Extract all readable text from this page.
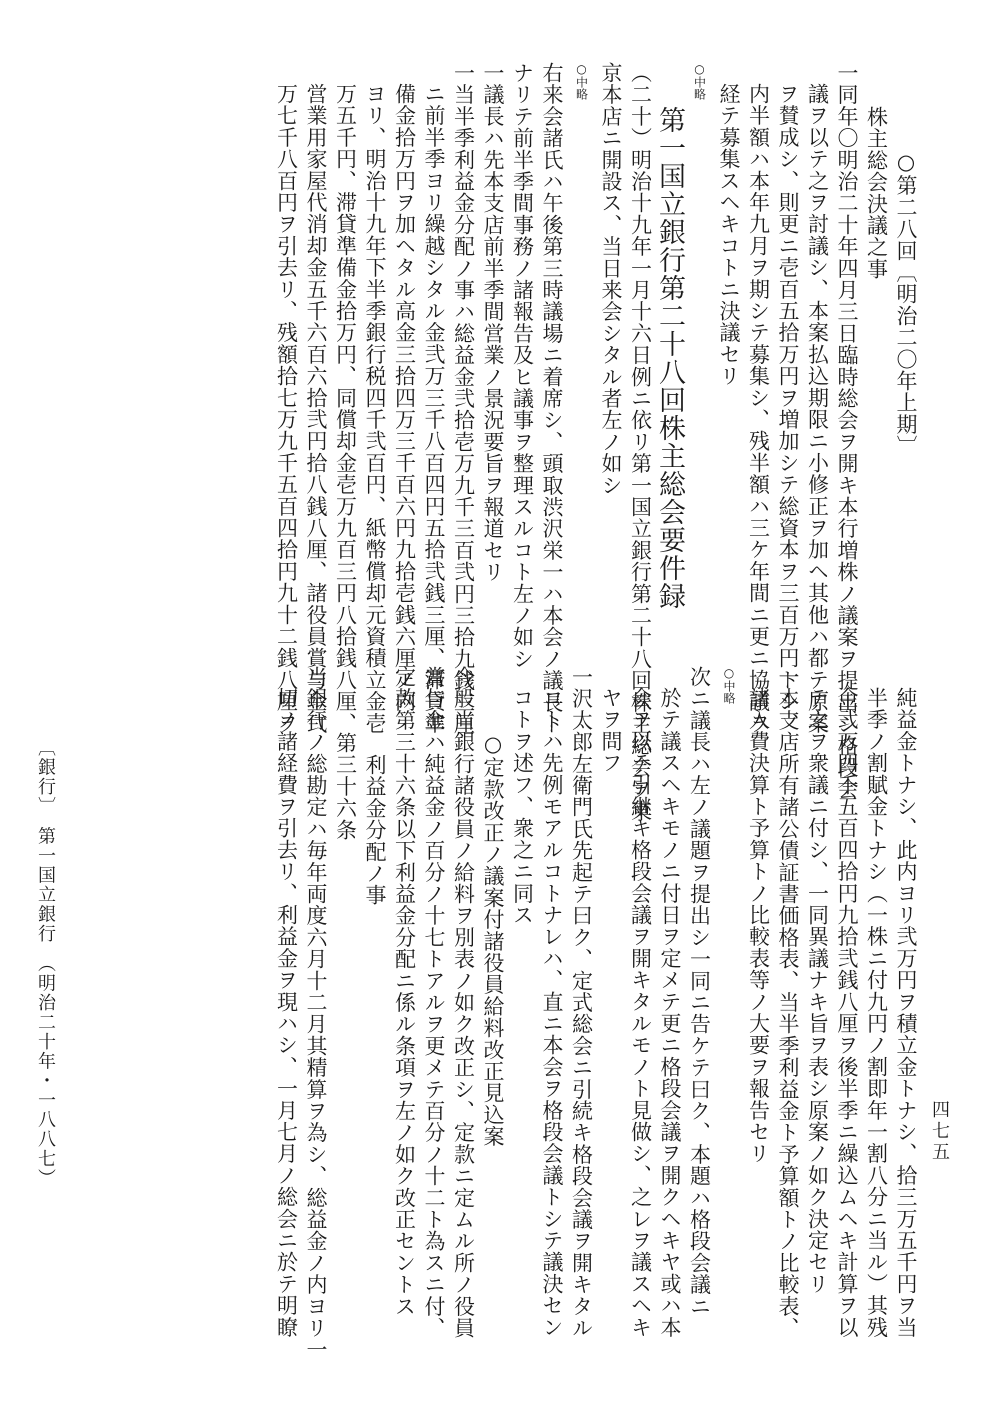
○第二八回〔明治二〇年上期〕
株主総会決議之事
一同年〇明治二十年四月三日臨時総会ヲ開キ本行増株ノ議案ヲ提出シ格段会
議ヲ以テ之ヲ討議シ、本案払込期限ニ小修正ヲ加ヘ其他ハ都テ原案
ヲ賛成シ、則更ニ壱百五拾万円ヲ増加シテ総資本ヲ三百万円トシ、
内半額ハ本年九月ヲ期シテ募集シ、残半額ハ三ケ年間ニ更ニ協議ヲ
経テ募集スヘキコトニ決議セリ
○中略
第一国立銀行第二十八回株主総会要件録
（二十）明治十九年一月十六日例ニ依リ第一国立銀行第二十八回株主総会ヲ東
京本店ニ開設ス、当日来会シタル者左ノ如シ
○中略
右来会諸氏ハ午後第三時議場ニ着席シ、頭取渋沢栄一ハ本会ノ議長ト
ナリテ前半季間事務ノ諸報告及ヒ議事ヲ整理スルコト左ノ如シ
一議長ハ先本支店前半季間営業ノ景況要旨ヲ報道セリ
一当半季利益金分配ノ事ハ総益金弐拾壱万九千三百弐円三拾九銭三厘
ニ前半季ヨリ繰越シタル金弐万三千八百四円五拾弐銭三厘、滞貸準
備金拾万円ヲ加ヘタル高金三拾四万三千百六円九拾壱銭六厘ノ内
ヨリ、明治十九年下半季銀行税四千弐百円、紙幣償却元資積立金壱
万五千円、滞貸準備金拾万円、同償却金壱万九百三円八拾銭八厘、
営業用家屋代消却金五千六百六拾弐円拾八銭八厘、諸役員賞与金弐
万七千八百円ヲ引去リ、残額拾七万九千五百四拾円九十二銭八厘ヲ
純益金トナシ、此内ヨリ弐万円ヲ積立金トナシ、拾三万五千円ヲ当
半季ノ割賦金トナシ（一株ニ付九円ノ割即年一割八分ニ当ル）其残
金弐万四千五百四拾円九拾弐銭八厘ヲ後半季ニ繰込ムヘキ計算ヲ以
テ之ヲ衆議ニ付シ、一同異議ナキ旨ヲ表シ原案ノ如ク決定セリ
一本支店所有諸公債証書価格表、当半季利益金ト予算額トノ比較表、
諸入費決算ト予算トノ比較表等ノ大要ヲ報告セリ
○中略
次ニ議長ハ左ノ議題ヲ提出シ一同ニ告ケテ曰ク、本題ハ格段会議ニ
於テ議スヘキモノニ付日ヲ定メテ更ニ格段会議ヲ開クヘキヤ或ハ本
会ヲ以テ引継キ格段会議ヲ開キタルモノト見做シ、之レヲ議スヘキ
ヤヲ問フ
一沢太郎左衛門氏先起テ曰ク、定式総会ニ引続キ格段会議ヲ開キタル
コトハ先例モアルコトナレハ、直ニ本会ヲ格段会議トシテ議決セン
コトヲ述フ、衆之ニ同ス
○定款改正ノ議案付諸役員給料改正見込案
今般当銀行諸役員ノ給料ヲ別表ノ如ク改正シ、定款ニ定ムル所ノ役員
賞与金ハ純益金ノ百分ノ十七トアルヲ更メテ百分ノ十二ト為スニ付、
定款第三十六条以下利益金分配ニ係ル条項ヲ左ノ如ク改正セントス
利益金分配ノ事
第三十六条
当銀行ノ総勘定ハ毎年両度六月十二月其精算ヲ為シ、総益金ノ内ヨリ一
切ノ諸経費ヲ引去リ、利益金ヲ現ハシ、一月七月ノ総会ニ於テ明瞭
〔銀行〕　第一国立銀行　（明治二十年・一八八七）	四七五
